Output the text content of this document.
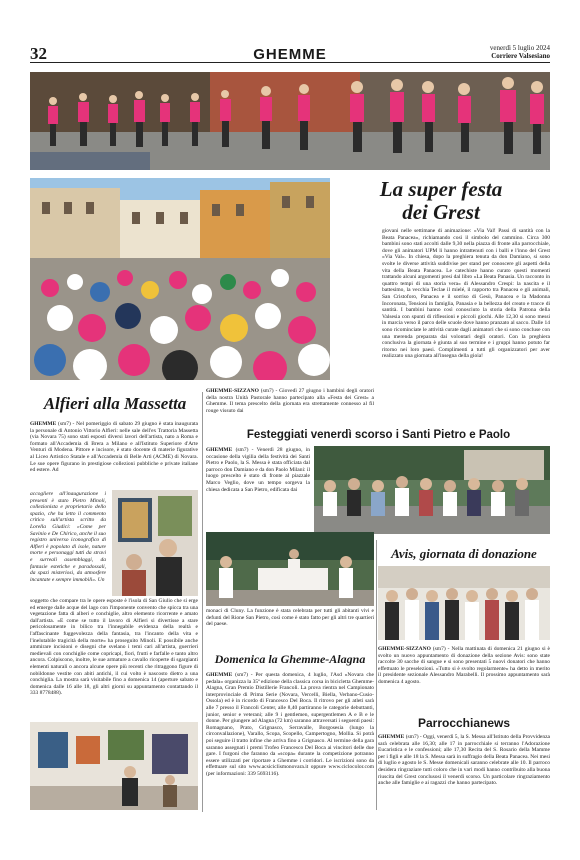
32	GHEMME	venerdì 5 luglio 2024
Corriere Valsesiano
La super festa
dei Grest
giovani nelle settimane di animazione: «Via Val! Passi di santità con la Beata Panacea», richiamando così il simbolo del cammino. Circa 300 bambini sono stati accolti dalle 9,30 nella piazza di fronte alla parrocchiale, dove gli animatori UPM li hanno intrattenuti con i balli e l'inno del Grest «Via Val». In chiesa, dopo la preghiera tenuta da don Damiano, si sono svolte le diverse attività suddivise per stand per conoscere gli aspetti della vita della Beata Panacea. Le catechiste hanno curato questi momenti trattando alcuni argomenti presi dal libro «La Beata Panasia. Un racconto in quattro tempi di una storia vera» di Alessandro Crespi: la nascita e il battesimo, la vecchia Teclae il mielé, il rapporto tra Panacea e gli animali, San Cristoforo, Panacea e il sorriso di Gesù, Panacea e la Madonna Incoronata, Tensioni in famiglia, Panasia e la bellezza del creato e tracce di santità. I bambini hanno così conosciuto la storia della Patrona della Valsesia con spunti di riflessioni e piccoli giochi. Alle 12,30 si sono messi in marcia verso il parco delle scuole dove hanno pranzato al sacco. Dalle 14 sono ricominciate le attività curate dagli animatori che si sono concluse con una merenda preparata dai volontari degli oratori. Con la preghiera conclusiva la giornata è giunta al suo termine e i gruppi hanno potuto far ritorno nei loro paesi. Complimenti a tutti gli organizzatori per aver realizzato una giornata all'insegna della gioia!
GHEMME-SIZZANO (sm7) - Giovedì 27 giugno i bambini degli oratori della nostra Unità Pastorale hanno partecipato alla «Festa dei Grest» a Ghemme. Il tema prescelto della giornata era strettamente connesso al fil rouge vissuto dai
Alfieri alla Massetta
GHEMME (sm7) - Nel pomeriggio di sabato 29 giugno è stata inaugurata la personale di Antonio Vittorio Alfieri: nelle sale dell'ex Trattoria Massetta (via Novara 75) sono stati esposti diversi lavori dell'artista, nato a Roma e formato all'Accademia di Brera a Milano e all'Istituto Superiore d'Arte Venturi di Modena. Pittore e incisore, è stato docente di materie figurative al Liceo Artistico Statale e all'Accademia di Belle Arti (ACME) di Novara. Le sue opere figurano in prestigiose collezioni pubbliche e private italiane ed estere. Ad
accogliere all'inaugurazione i presenti è stato Pietro Minoli, collezionista e proprietario dello spazio, che ha letto il commento critico sull'artista scritto da Lorella Giudici: «Come per Savinio e De Chirico, anche il suo registro universo iconografico di Alfieri è popolato di isole, nature morte e personaggi tutti da stravi e surreali assemblaggi, da fantasie estetiche e paradossali, da spazi misteriosi, da atmosfere incantate e sempre immobili». Un
soggetto che compare tra le opere esposte è l'isola di San Giulio che si erge ed emerge dalle acque del lago con l'imponente convento che spicca tra una vegetazione fatta di alberi e conchiglie, altro elemento ricorrente e amato dall'artista. «E come se tutto il lavoro di Alfieri si divertisse a stare pericolosamente in bilico tra l'innegabile evidenza della realtà e l'affascinante fuggevolezza della fantasia, tra l'incanto della vita e l'inelutabile tragicità della morte» ha proseguito Minoli. E possibile anche ammirare incisioni e disegni che svelano i temi cari all'artista, guerrieri medievali con conchiglie come copricapi, fiori, frutti e farfalle e tanto altro ancora. Colpiscono, inoltre, le sue armature a cavallo ricoperte di sgargianti elementi naturali o ancora alcune opere più recenti che ritraggono figure di nobildonne vestite con abiti antichi, il cui volto è nascosto dietro a una conchiglia. La mostra sarà visitabile fino a domenica 14 (aperture sabato e domenica dalle 16 alle 18, gli altri giorni su appuntamento contattando il 333 8778488).
Festeggiati venerdì scorso i Santi Pietro e Paolo
GHEMME (sm7) - Venerdì 28 giugno, in occasione della vigilia della festività dei Santi Pietro e Paolo, la S. Messa è stata officiata dal parroco don Damiano e da don Paolo Milani: il luogo prescelto è stato di fronte al piazzale Marco Veglio, dove un tempo sorgeva la chiesa dedicata a San Pietro, edificata dai
monaci di Cluny. La funzione è stata celebrata per tutti gli abitanti vivi e defunti del Rione San Pietro, così come è stato fatto per gli altri tre quartieri del paese.
Avis, giornata di donazione
GHEMME-SIZZANO (sm7) - Nella mattinata di domenica 21 giugno si è svolto un nuovo appuntamento di donazione della sezione Avis: sono state raccolte 30 sacche di sangue e si sono presentati 5 nuovi donatori che hanno effettuato le preselezioni. «Tutto si è svolto regolarmente» ha detto in merito il presidente sezionale Alessandro Marabelli. Il prossimo appuntamento sarà domenica 4 agosto.
Domenica la Ghemme-Alagna
GHEMME (sm7) - Per questa domenica, 4 luglio, l'Asd «Novara che pedala» organizza la 35ª edizione della classica corsa in bicicletta Ghemme-Alagna, Gran Premio Distillerie Francoli. La prova rientra nel Campionato interprovinciale di Prima Serie (Novara, Vercelli, Biella, Verbano-Cusio-Ossola) ed è in ricordo di Francesco Del Boca. Il ritrovo per gli atleti sarà alle 7 presso il Francoli Center, alle 8,40 partiranno le categorie debuttanti, junior, senior e veterani; alle 9 i gentlemen, supergentlemen A e B e le donne. Per giungere ad Alagna (72 km) saranno attraversati i seguenti paesi: Romagnano, Prato, Grignasco, Serravalle, Borgosesia (lungo la circonvallazione), Varallo, Scopa, Scopello, Campertogno, Mollia. Si potrà poi seguire il tratto infine che arriva fino a Grignasco. Al termine della gara saranno assegnati i premi Trofeo Francesco Del Boca ai vincitori delle due gare. I furgoni che faranno da «scopa» durante la competizione potranno essere utilizzati per riportare a Ghemme i corridori. Le iscrizioni sono da effettuare sul sito www.acsiciclismonovara.it oppure www.ciclocolor.com (per informazioni: 339 5693116).
Parrocchianews
GHEMME (sm7) - Oggi, venerdì 5, la S. Messa all'Istituto della Provvidenza sarà celebrata alle 16,30; alle 17 in parrocchiale si terranno l'Adorazione Eucaristica e le confessioni; alle 17,30 Recita del S. Rosario della Mamme per i figli e alle 18 la S. Messa sarà in suffragio della Beata Panacea. Nei mesi di luglio e agosto le S. Messe domenicali saranno celebrate alle 10. Il parroco desidera ringraziare tutti coloro che in vari modi hanno contribuito alla buona riuscita del Grest conclusosi il venerdì scorso. Un particolare ringraziamento anche alle famiglie e ai ragazzi che hanno partecipato.
